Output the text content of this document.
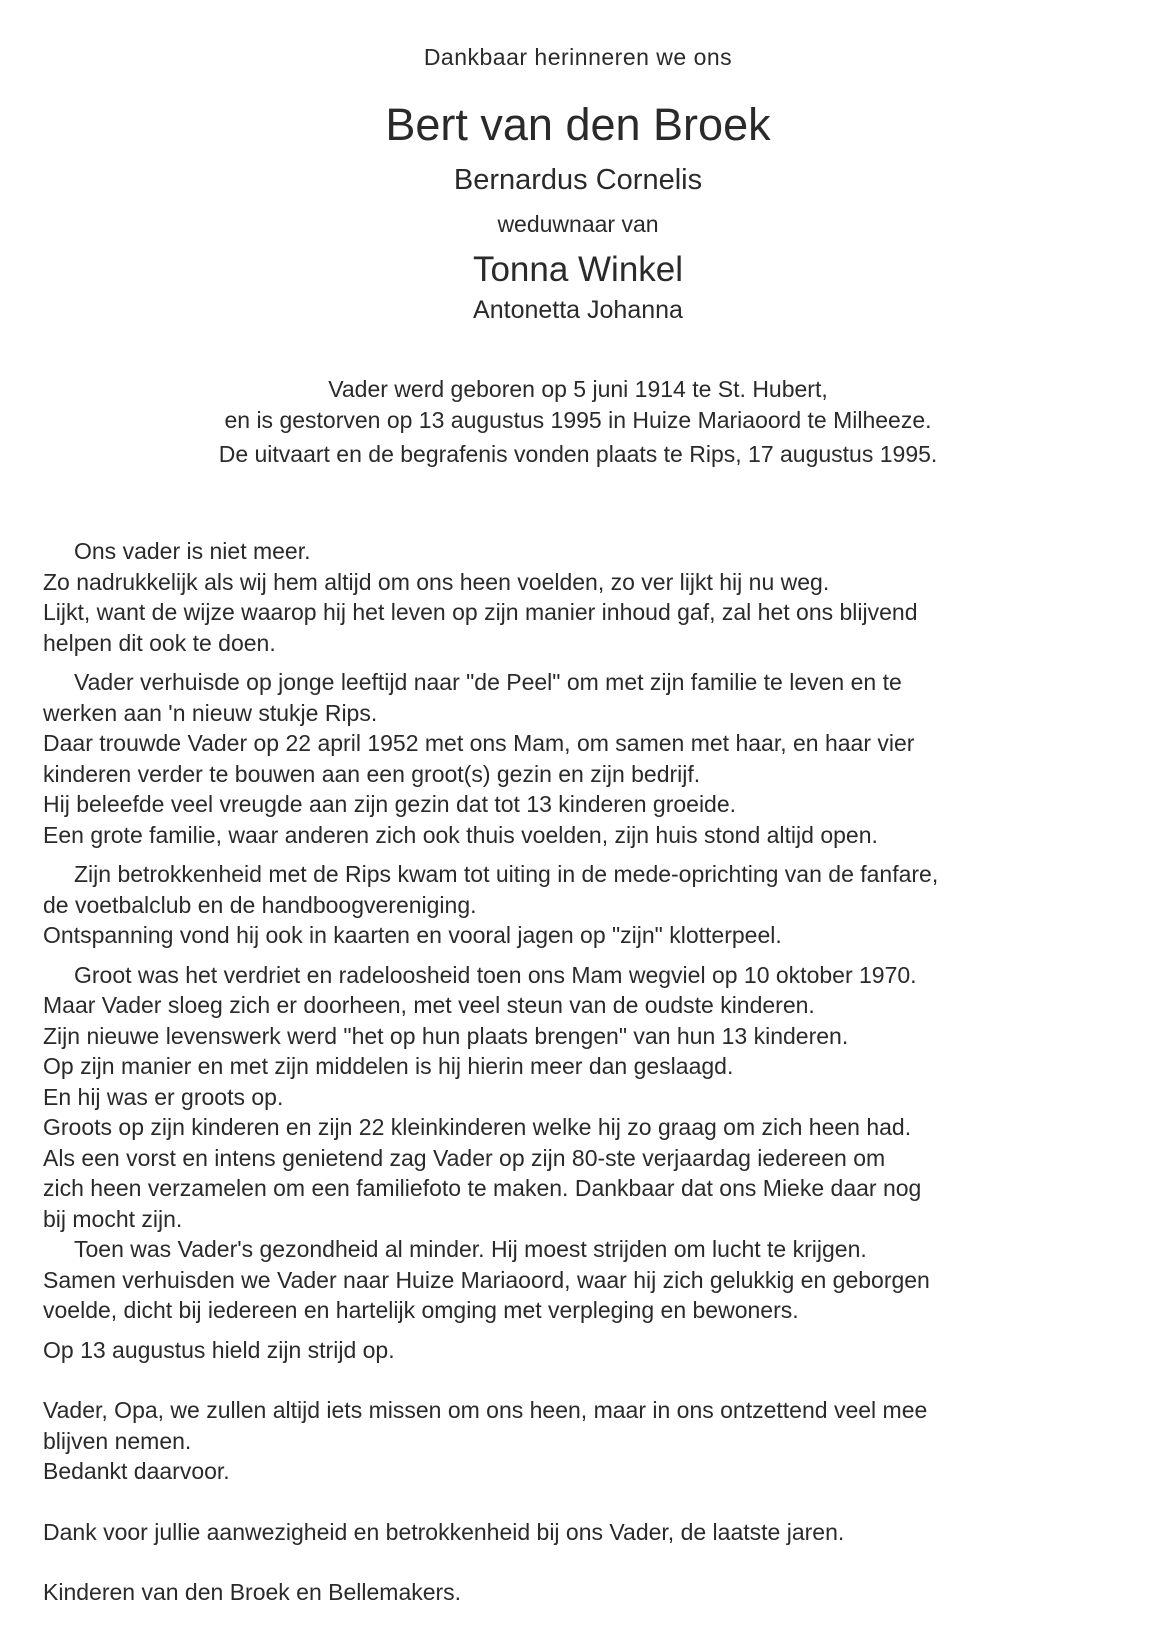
Dankbaar herinneren we ons

Bert van den Broek

Bernardus Cornelis

weduwnaar van

Tonna Winkel

Antonetta Johanna

Vader werd geboren op 5 juni 1914 te St. Hubert,

en is gestorven op 13 augustus 1995 in Huize Mariaoord te Milheeze.

De uitvaart en de begrafenis vonden plaats te Rips, 17 augustus 1995.

Ons vader is niet meer.
Zo nadrukkelijk als wij hem altijd om ons heen voelden, zo ver lijkt hij nu weg.
Lijkt, want de wijze waarop hij het leven op zijn manier inhoud gaf, zal het ons blijvend
helpen dit ook te doen.
Vader verhuisde op jonge leeftijd naar "de Peel" om met zijn familie te leven en te
werken aan 'n nieuw stukje Rips.
Daar trouwde Vader op 22 april 1952 met ons Mam, om samen met haar, en haar vier
kinderen verder te bouwen aan een groot(s) gezin en zijn bedrijf.
Hij beleefde veel vreugde aan zijn gezin dat tot 13 kinderen groeide.
Een grote familie, waar anderen zich ook thuis voelden, zijn huis stond altijd open.
Zijn betrokkenheid met de Rips kwam tot uiting in de mede-oprichting van de fanfare,
de voetbalclub en de handboogvereniging.
Ontspanning vond hij ook in kaarten en vooral jagen op "zijn" klotterpeel.
Groot was het verdriet en radeloosheid toen ons Mam wegviel op 10 oktober 1970.
Maar Vader sloeg zich er doorheen, met veel steun van de oudste kinderen.
Zijn nieuwe levenswerk werd "het op hun plaats brengen" van hun 13 kinderen.
Op zijn manier en met zijn middelen is hij hierin meer dan geslaagd.
En hij was er groots op.
Groots op zijn kinderen en zijn 22 kleinkinderen welke hij zo graag om zich heen had.
Als een vorst en intens genietend zag Vader op zijn 80-ste verjaardag iedereen om
zich heen verzamelen om een familiefoto te maken. Dankbaar dat ons Mieke daar nog
bij mocht zijn.
Toen was Vader's gezondheid al minder. Hij moest strijden om lucht te krijgen.
Samen verhuisden we Vader naar Huize Mariaoord, waar hij zich gelukkig en geborgen
voelde, dicht bij iedereen en hartelijk omging met verpleging en bewoners.
Op 13 augustus hield zijn strijd op.
Vader, Opa, we zullen altijd iets missen om ons heen, maar in ons ontzettend veel mee
blijven nemen.
Bedankt daarvoor.
Dank voor jullie aanwezigheid en betrokkenheid bij ons Vader, de laatste jaren.
Kinderen van den Broek en Bellemakers.
